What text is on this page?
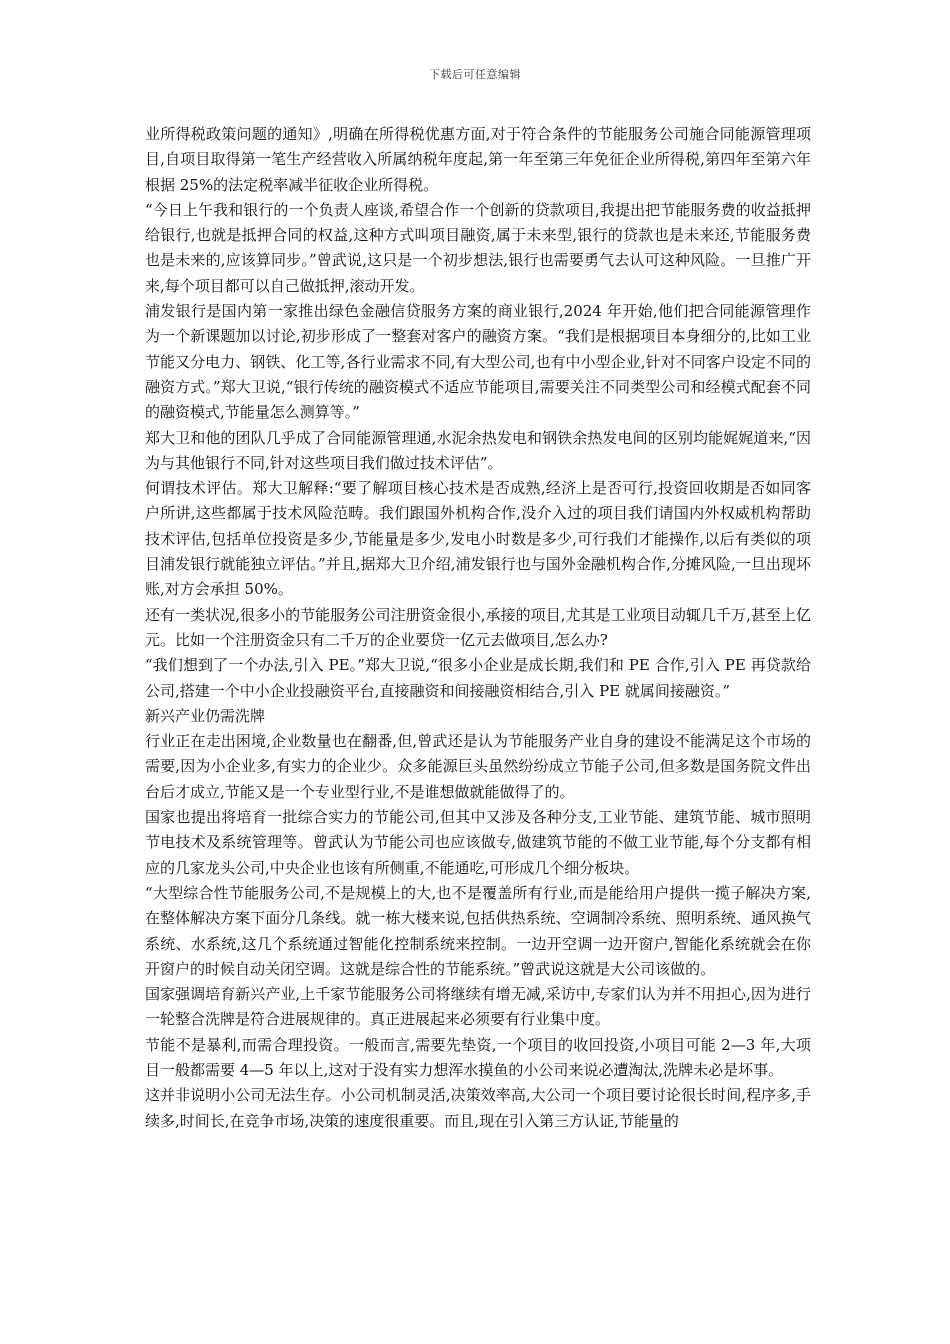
下载后可任意编辑

业所得税政策问题的通知》,明确在所得税优惠方面,对于符合条件的节能服务公司施合同能源管理项目,自项目取得第一笔生产经营收入所属纳税年度起,第一年至第三年免征企业所得税,第四年至第六年根据 25%的法定税率减半征收企业所得税。

“今日上午我和银行的一个负责人座谈,希望合作一个创新的贷款项目,我提出把节能服务费的收益抵押给银行,也就是抵押合同的权益,这种方式叫项目融资,属于未来型,银行的贷款也是未来还,节能服务费也是未来的,应该算同步。”曾武说,这只是一个初步想法,银行也需要勇气去认可这种风险。一旦推广开来,每个项目都可以自己做抵押,滚动开发。

浦发银行是国内第一家推出绿色金融信贷服务方案的商业银行,2024 年开始,他们把合同能源管理作为一个新课题加以讨论,初步形成了一整套对客户的融资方案。“我们是根据项目本身细分的,比如工业节能又分电力、钢铁、化工等,各行业需求不同,有大型公司,也有中小型企业,针对不同客户设定不同的融资方式。”郑大卫说,“银行传统的融资模式不适应节能项目,需要关注不同类型公司和经模式配套不同的融资模式,节能量怎么测算等。”

郑大卫和他的团队几乎成了合同能源管理通,水泥余热发电和钢铁余热发电间的区别均能娓娓道来,“因为与其他银行不同,针对这些项目我们做过技术评估”。

何谓技术评估。郑大卫解释:“要了解项目核心技术是否成熟,经济上是否可行,投资回收期是否如同客户所讲,这些都属于技术风险范畴。我们跟国外机构合作,没介入过的项目我们请国内外权威机构帮助技术评估,包括单位投资是多少,节能量是多少,发电小时数是多少,可行我们才能操作,以后有类似的项目浦发银行就能独立评估。”并且,据郑大卫介绍,浦发银行也与国外金融机构合作,分摊风险,一旦出现坏账,对方会承担 50%。

还有一类状况,很多小的节能服务公司注册资金很小,承接的项目,尤其是工业项目动辄几千万,甚至上亿元。比如一个注册资金只有二千万的企业要贷一亿元去做项目,怎么办?

“我们想到了一个办法,引入 PE。”郑大卫说,“很多小企业是成长期,我们和 PE 合作,引入 PE 再贷款给公司,搭建一个中小企业投融资平台,直接融资和间接融资相结合,引入 PE 就属间接融资。”

新兴产业仍需洗牌

行业正在走出困境,企业数量也在翻番,但,曾武还是认为节能服务产业自身的建设不能满足这个市场的需要,因为小企业多,有实力的企业少。众多能源巨头虽然纷纷成立节能子公司,但多数是国务院文件出台后才成立,节能又是一个专业型行业,不是谁想做就能做得了的。

国家也提出将培育一批综合实力的节能公司,但其中又涉及各种分支,工业节能、建筑节能、城市照明节电技术及系统管理等。曾武认为节能公司也应该做专,做建筑节能的不做工业节能,每个分支都有相应的几家龙头公司,中央企业也该有所侧重,不能通吃,可形成几个细分板块。

“大型综合性节能服务公司,不是规模上的大,也不是覆盖所有行业,而是能给用户提供一揽子解决方案,在整体解决方案下面分几条线。就一栋大楼来说,包括供热系统、空调制冷系统、照明系统、通风换气系统、水系统,这几个系统通过智能化控制系统来控制。一边开空调一边开窗户,智能化系统就会在你开窗户的时候自动关闭空调。这就是综合性的节能系统。”曾武说这就是大公司该做的。

国家强调培育新兴产业,上千家节能服务公司将继续有增无减,采访中,专家们认为并不用担心,因为进行一轮整合洗牌是符合进展规律的。真正进展起来必须要有行业集中度。

节能不是暴利,而需合理投资。一般而言,需要先垫资,一个项目的收回投资,小项目可能 2—3 年,大项目一般都需要 4—5 年以上,这对于没有实力想浑水摸鱼的小公司来说必遭淘汰,洗牌未必是坏事。

这并非说明小公司无法生存。小公司机制灵活,决策效率高,大公司一个项目要讨论很长时间,程序多,手续多,时间长,在竞争市场,决策的速度很重要。而且,现在引入第三方认证,节能量的
